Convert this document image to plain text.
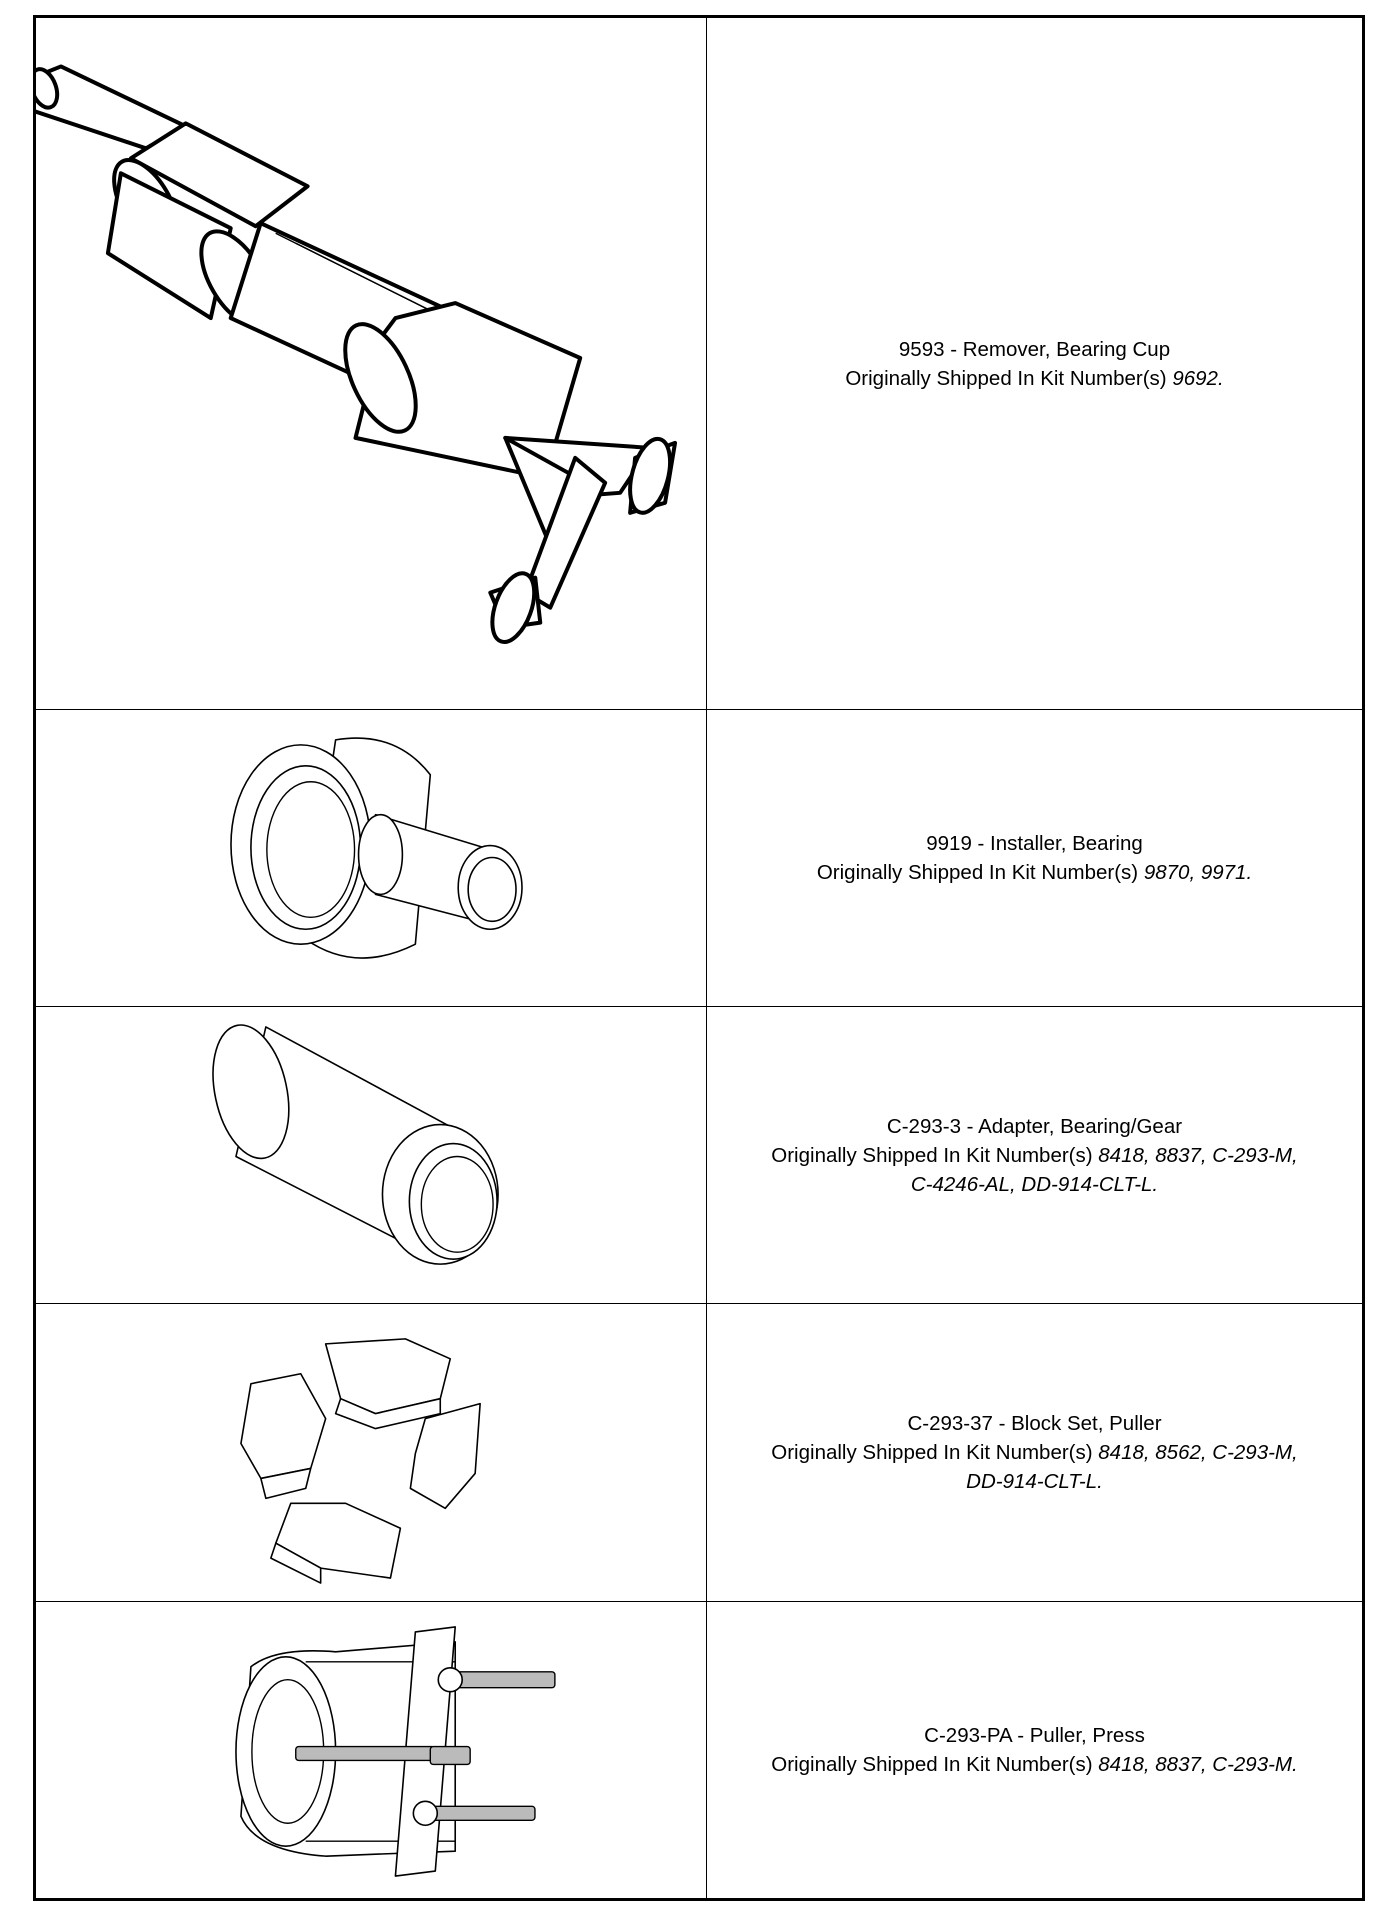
9593 - Remover, Bearing Cup
Originally Shipped In Kit Number(s) 9692.
9919 - Installer, Bearing
Originally Shipped In Kit Number(s) 9870, 9971.
C-293-3 - Adapter, Bearing/Gear
Originally Shipped In Kit Number(s) 8418, 8837, C-293-M,
C-4246-AL, DD-914-CLT-L.
C-293-37 - Block Set, Puller
Originally Shipped In Kit Number(s) 8418, 8562, C-293-M,
DD-914-CLT-L.
C-293-PA - Puller, Press
Originally Shipped In Kit Number(s) 8418, 8837, C-293-M.
